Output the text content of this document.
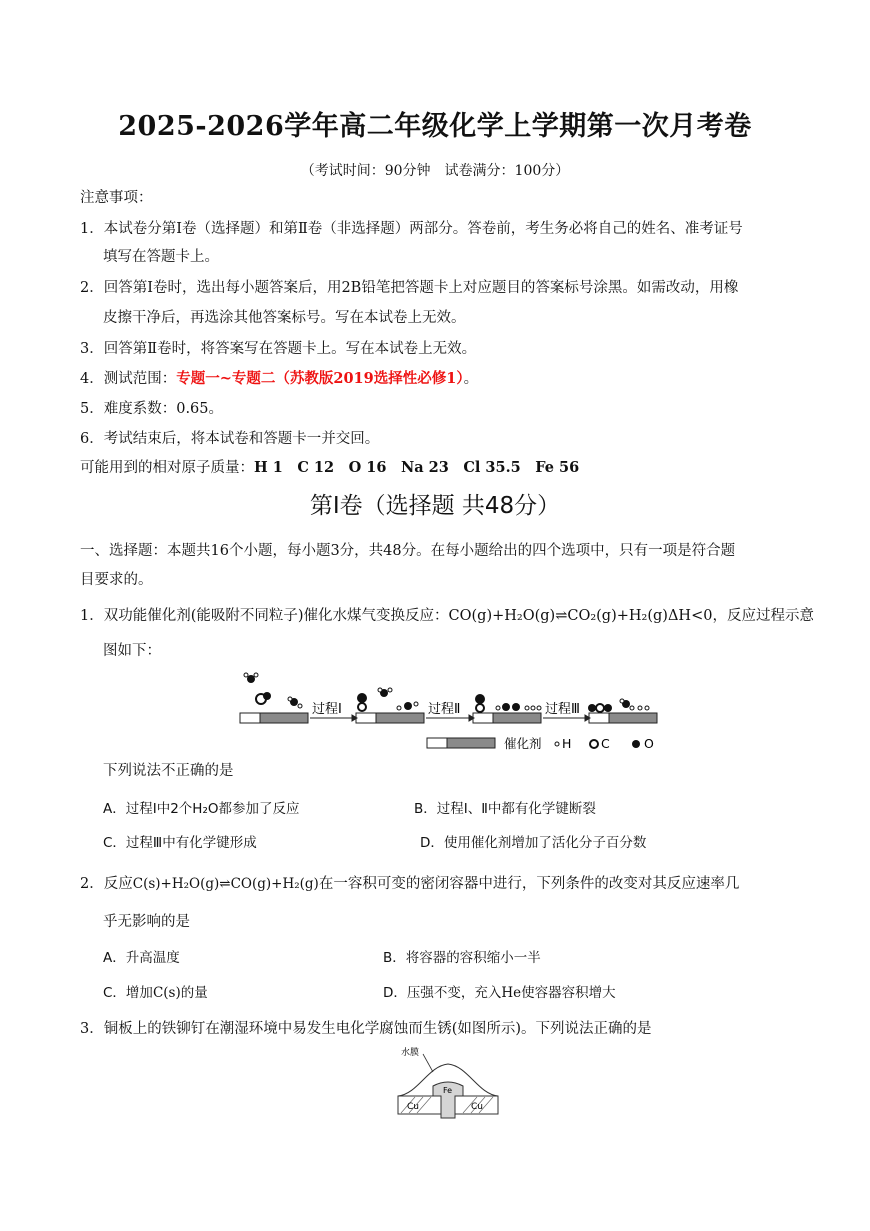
2025-2026学年高二年级化学上学期第一次月考卷
（考试时间：90分钟　试卷满分：100分）
注意事项：
1．本试卷分第Ⅰ卷（选择题）和第Ⅱ卷（非选择题）两部分。答卷前，考生务必将自己的姓名、准考证号
填写在答题卡上。
2．回答第Ⅰ卷时，选出每小题答案后，用2B铅笔把答题卡上对应题目的答案标号涂黑。如需改动，用橡
皮擦干净后，再选涂其他答案标号。写在本试卷上无效。
3．回答第Ⅱ卷时，将答案写在答题卡上。写在本试卷上无效。
4．测试范围：专题一~专题二（苏教版2019选择性必修1）。
5．难度系数：0.65。
6．考试结束后，将本试卷和答题卡一并交回。
可能用到的相对原子质量：H 1　C 12　O 16　Na 23　Cl 35.5　Fe 56
第Ⅰ卷（选择题 共48分）
一、选择题：本题共16个小题，每小题3分，共48分。在每小题给出的四个选项中，只有一项是符合题
目要求的。
1．双功能催化剂(能吸附不同粒子)催化水煤气变换反应：CO(g)+H₂O(g)⇌CO₂(g)+H₂(g)ΔH<0，反应过程示意
图如下：
过程Ⅰ	过程Ⅱ	过程Ⅲ
催化剂 H C	O
下列说法不正确的是
A．过程Ⅰ中2个H₂O都参加了反应	B．过程Ⅰ、Ⅱ中都有化学键断裂
C．过程Ⅲ中有化学键形成	D．使用催化剂增加了活化分子百分数
2．反应C(s)+H₂O(g)⇌CO(g)+H₂(g)在一容积可变的密闭容器中进行，下列条件的改变对其反应速率几
乎无影响的是
A．升高温度	B．将容器的容积缩小一半
C．增加C(s)的量	D．压强不变，充入He使容器容积增大
3．铜板上的铁铆钉在潮湿环境中易发生电化学腐蚀而生锈(如图所示)。下列说法正确的是
水膜
Fe
Cu	Cu
